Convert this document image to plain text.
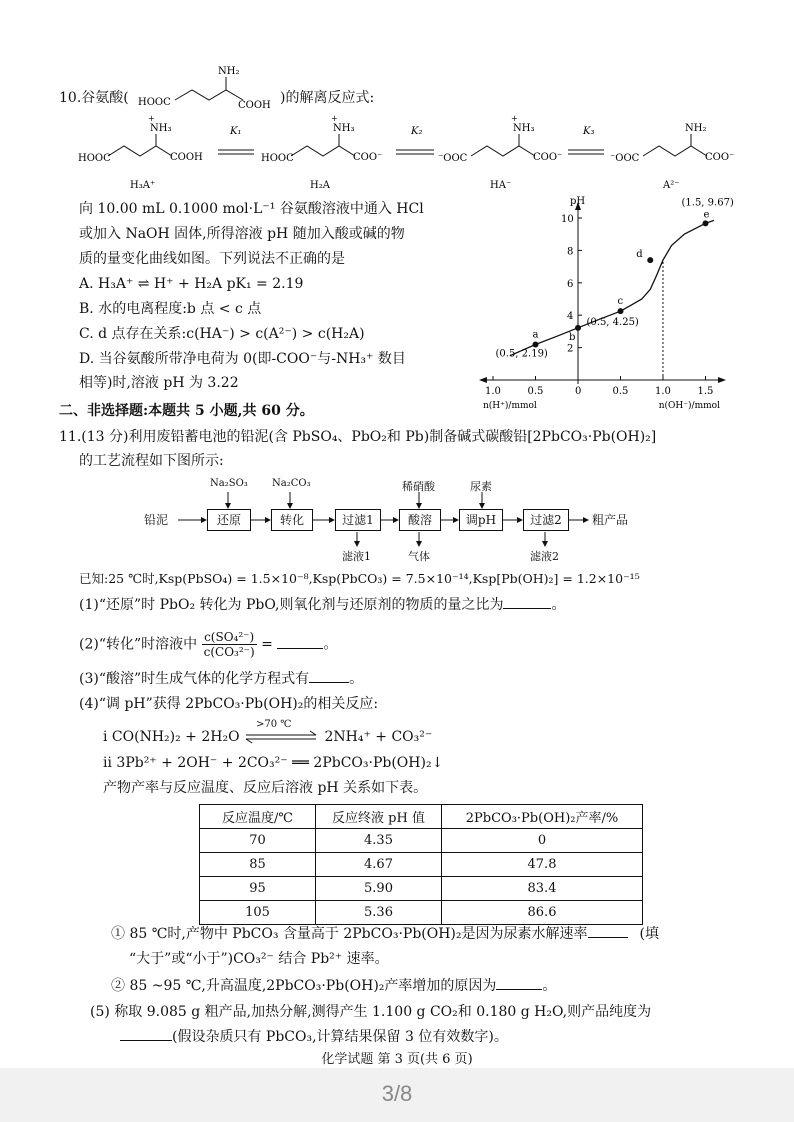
10.谷氨酸(
NH₂
HOOC	COOH )的解离反应式:
+
NH₃
HOOC	COOH
H₃A⁺
K₁
+
NH₃
HOOC	COO⁻
H₂A
K₂
+
NH₃
⁻OOC	COO⁻
HA⁻
K₃	NH₂
⁻OOC	COO⁻
A²⁻
向 10.00 mL 0.1000 mol·L⁻¹ 谷氨酸溶液中通入 HCl
或加入 NaOH 固体,所得溶液 pH 随加入酸或碱的物
质的量变化曲线如图。下列说法不正确的是
A. H₃A⁺ ⇌ H⁺ + H₂A pK₁ = 2.19
B. 水的电离程度:b 点 < c 点
C. d 点存在关系:c(HA⁻) > c(A²⁻) > c(H₂A)
D. 当谷氨酸所带净电荷为 0(即-COO⁻与-NH₃⁺ 数目
相等)时,溶液 pH 为 3.22
pH
2
4
6
8
10
1.0	0.5	0	0.5	1.0	1.5
n(H⁺)/mmol	n(OH⁻)/mmol
a
(0.5, 2.19)
b
c
(0.5, 4.25)
d
e
(1.5, 9.67)
二、非选择题:本题共 5 小题,共 60 分。
11.(13 分)利用废铅蓄电池的铅泥(含 PbSO₄、PbO₂和 Pb)制备碱式碳酸铅[2PbCO₃·Pb(OH)₂]
的工艺流程如下图所示:
铅泥	还原	转化	过滤1	酸溶	调pH	过滤2	粗产品
Na₂SO₃ Na₂CO₃	稀硝酸	尿素
滤液1	气体	滤液2
已知:25 ℃时,Ksp(PbSO₄) = 1.5×10⁻⁸,Ksp(PbCO₃) = 7.5×10⁻¹⁴,Ksp[Pb(OH)₂] = 1.2×10⁻¹⁵
(1)“还原”时 PbO₂ 转化为 PbO,则氧化剂与还原剂的物质的量之比为	。
(2)“转化”时溶液中 $\frac{\text{c(SO₄²⁻)}}{\text{c(CO₃²⁻)}}$ =	。
(3)“酸溶”时生成气体的化学方程式有	。
(4)“调 pH”获得 2PbCO₃·Pb(OH)₂的相关反应:
ⅰ CO(NH₂)₂ + 2H₂O
>70 ℃
2NH₄⁺ + CO₃²⁻
ⅱ 3Pb²⁺ + 2OH⁻ + 2CO₃²⁻ ══ 2PbCO₃·Pb(OH)₂↓
产物产率与反应温度、反应后溶液 pH 关系如下表。
反应温度/℃	反应终液 pH 值	2PbCO₃·Pb(OH)₂产率/%
70	4.35	0
85	4.67	47.8
95	5.90	83.4
105	5.36	86.6
① 85 ℃时,产物中 PbCO₃ 含量高于 2PbCO₃·Pb(OH)₂是因为尿素水解速率	(填
“大于”或“小于”)CO₃²⁻ 结合 Pb²⁺ 速率。
② 85 ~95 ℃,升高温度,2PbCO₃·Pb(OH)₂产率增加的原因为	。
(5) 称取 9.085 g 粗产品,加热分解,测得产生 1.100 g CO₂和 0.180 g H₂O,则产品纯度为
(假设杂质只有 PbCO₃,计算结果保留 3 位有效数字)。
化学试题 第 3 页(共 6 页)
3/8
